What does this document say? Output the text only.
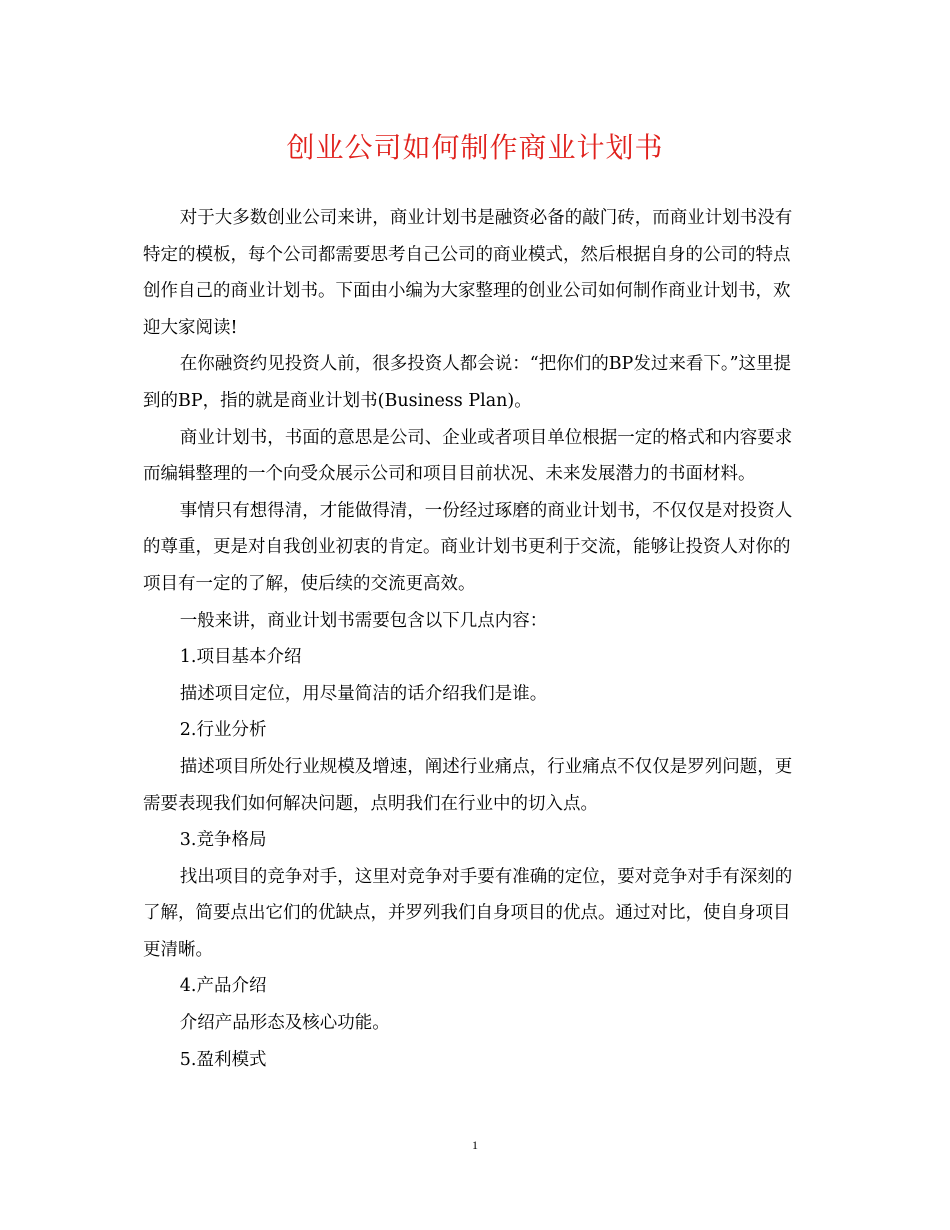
创业公司如何制作商业计划书

对于大多数创业公司来讲，商业计划书是融资必备的敲门砖，而商业计划书没有特定的模板，每个公司都需要思考自己公司的商业模式，然后根据自身的公司的特点创作自己的商业计划书。下面由小编为大家整理的创业公司如何制作商业计划书，欢迎大家阅读!

在你融资约见投资人前，很多投资人都会说：“把你们的BP发过来看下。”这里提到的BP，指的就是商业计划书(Business Plan)。

商业计划书，书面的意思是公司、企业或者项目单位根据一定的格式和内容要求而编辑整理的一个向受众展示公司和项目目前状况、未来发展潜力的书面材料。

事情只有想得清，才能做得清，一份经过琢磨的商业计划书，不仅仅是对投资人的尊重，更是对自我创业初衷的肯定。商业计划书更利于交流，能够让投资人对你的项目有一定的了解，使后续的交流更高效。

一般来讲，商业计划书需要包含以下几点内容：

1.项目基本介绍

描述项目定位，用尽量简洁的话介绍我们是谁。

2.行业分析

描述项目所处行业规模及增速，阐述行业痛点，行业痛点不仅仅是罗列问题，更需要表现我们如何解决问题，点明我们在行业中的切入点。

3.竞争格局

找出项目的竞争对手，这里对竞争对手要有准确的定位，要对竞争对手有深刻的了解，简要点出它们的优缺点，并罗列我们自身项目的优点。通过对比，使自身项目更清晰。

4.产品介绍

介绍产品形态及核心功能。

5.盈利模式

1
